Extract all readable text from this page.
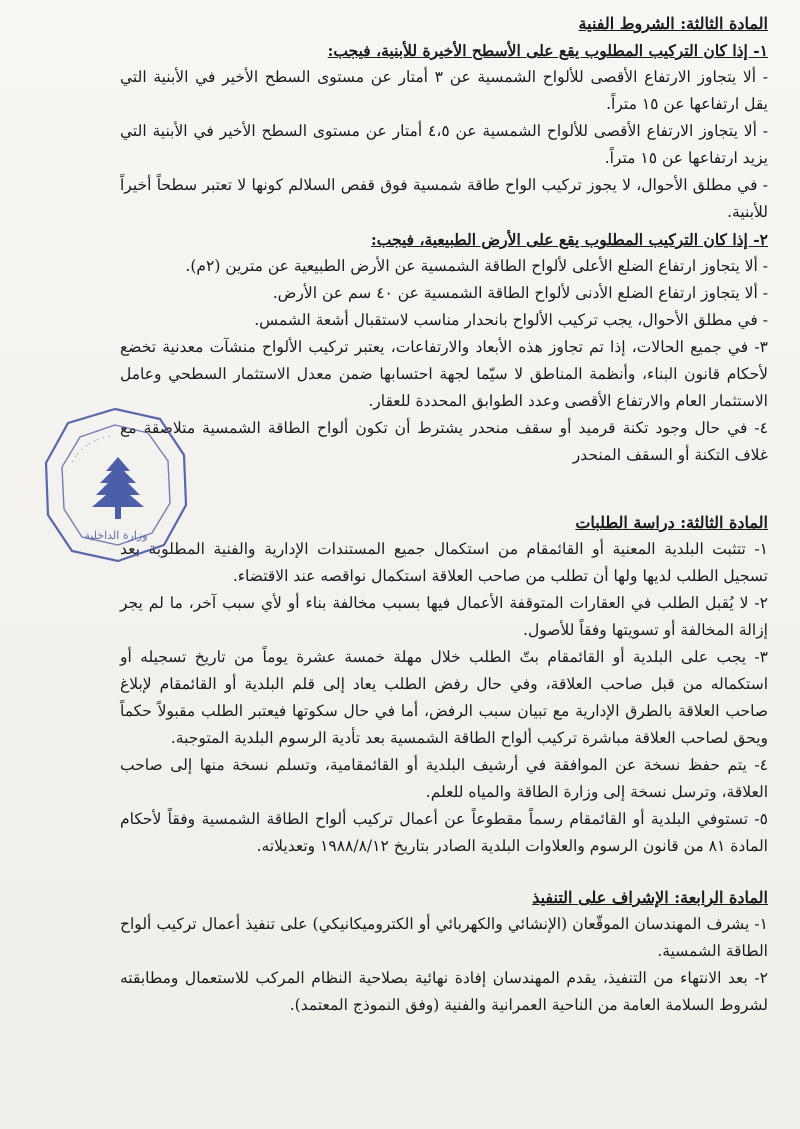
المادة الثالثة: الشروط الفنية

١- إذا كان التركيب المطلوب يقع على الأسطح الأخيرة للأبنية، فيجب:

- ألا يتجاوز الارتفاع الأقصى للألواح الشمسية عن ٣ أمتار عن مستوى السطح الأخير في الأبنية التي يقل ارتفاعها عن ١٥ متراً.

- ألا يتجاوز الارتفاع الأقصى للألواح الشمسية عن ٤،٥ أمتار عن مستوى السطح الأخير في الأبنية التي يزيد ارتفاعها عن ١٥ متراً.

- في مطلق الأحوال، لا يجوز تركيب الواح طاقة شمسية فوق قفص السلالم كونها لا تعتبر سطحاً أخيراً للأبنية.

٢- إذا كان التركيب المطلوب يقع على الأرض الطبيعية، فيجب:

- ألا يتجاوز ارتفاع الضلع الأعلى لألواح الطاقة الشمسية عن الأرض الطبيعية عن مترين (٢م).

- ألا يتجاوز ارتفاع الضلع الأدنى لألواح الطاقة الشمسية عن ٤٠ سم عن الأرض.

- في مطلق الأحوال، يجب تركيب الألواح بانحدار مناسب لاستقبال أشعة الشمس.

٣- في جميع الحالات، إذا تم تجاوز هذه الأبعاد والارتفاعات، يعتبر تركيب الألواح منشآت معدنية تخضع لأحكام قانون البناء، وأنظمة المناطق لا سيّما لجهة احتسابها ضمن معدل الاستثمار السطحي وعامل الاستثمار العام والارتفاع الأقصى وعدد الطوابق المحددة للعقار.

٤- في حال وجود تكنة قرميد أو سقف منحدر يشترط أن تكون ألواح الطاقة الشمسية متلاصقة مع غلاف التكنة أو السقف المنحدر

المادة الثالثة: دراسة الطلبات

١- تتثبت البلدية المعنية أو القائمقام من استكمال جميع المستندات الإدارية والفنية المطلوبة بعد تسجيل الطلب لديها ولها أن تطلب من صاحب العلاقة استكمال نواقصه عند الاقتضاء.

٢- لا يُقبل الطلب في العقارات المتوقفة الأعمال فيها بسبب مخالفة بناء أو لأي سبب آخر، ما لم يجر إزالة المخالفة أو تسويتها وفقاً للأصول.

٣- يجب على البلدية أو القائمقام بتّ الطلب خلال مهلة خمسة عشرة يوماً من تاريخ تسجيله أو استكماله من قبل صاحب العلاقة، وفي حال رفض الطلب يعاد إلى قلم البلدية أو القائمقام لإبلاغ صاحب العلاقة بالطرق الإدارية مع تبيان سبب الرفض، أما في حال سكوتها فيعتبر الطلب مقبولاً حكماً ويحق لصاحب العلاقة مباشرة تركيب ألواح الطاقة الشمسية بعد تأدية الرسوم البلدية المتوجبة.

٤- يتم حفظ نسخة عن الموافقة في أرشيف البلدية أو القائمقامية، وتسلم نسخة منها إلى صاحب العلاقة، وترسل نسخة إلى وزارة الطاقة والمياه للعلم.

٥- تستوفي البلدية أو القائمقام رسماً مقطوعاً عن أعمال تركيب ألواح الطاقة الشمسية وفقاً لأحكام المادة ٨١ من قانون الرسوم والعلاوات البلدية الصادر بتاريخ ١٩٨٨/٨/١٢ وتعديلاته.

المادة الرابعة: الإشراف على التنفيذ

١- يشرف المهندسان الموقّعان (الإنشائي والكهربائي أو الكتروميكانيكي) على تنفيذ أعمال تركيب ألواح الطاقة الشمسية.

٢- بعد الانتهاء من التنفيذ، يقدم المهندسان إفادة نهائية بصلاحية النظام المركب للاستعمال ومطابقته لشروط السلامة العامة من الناحية العمرانية والفنية (وفق النموذج المعتمد).

· ·· · ·· ·· · ·
وزارة الداخلية
